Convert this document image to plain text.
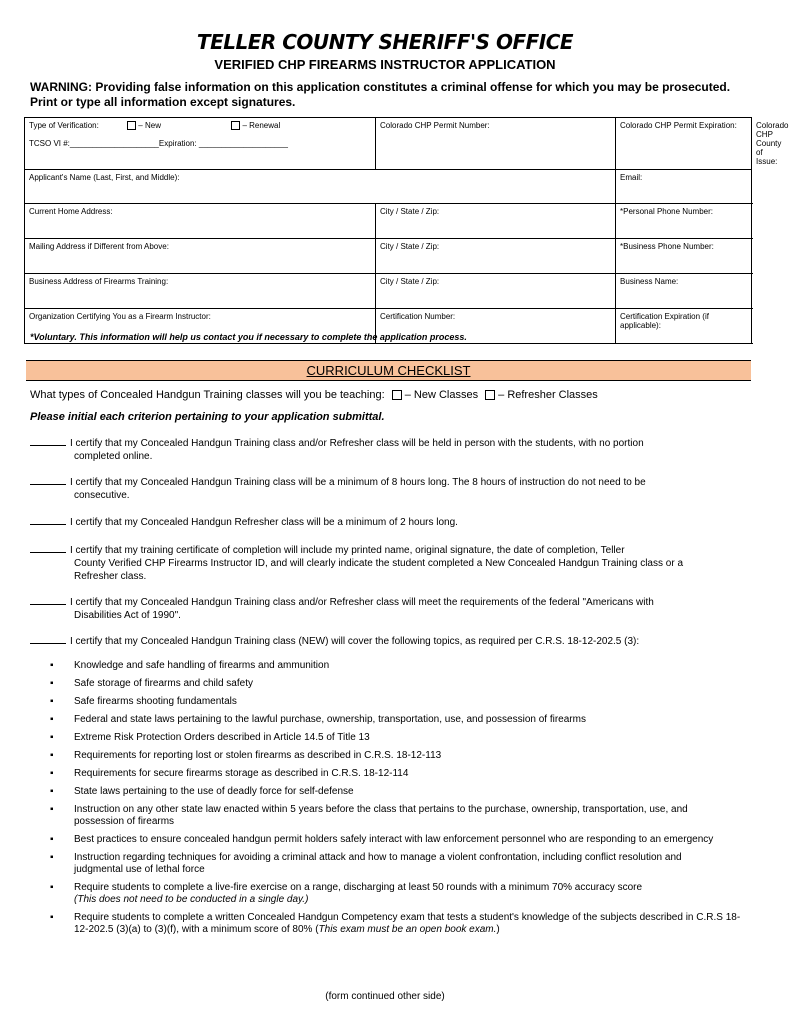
TELLER COUNTY SHERIFF'S OFFICE
VERIFIED CHP FIREARMS INSTRUCTOR APPLICATION
WARNING: Providing false information on this application constitutes a criminal offense for which you may be prosecuted. Print or type all information except signatures.
Type of Verification: – New – Renewal
TCSO VI #:____________________Expiration: ____________________	Colorado CHP Permit Number:	Colorado CHP Permit Expiration:	Colorado CHP County of Issue:
Applicant's Name (Last, First, and Middle):		Email:	
Current Home Address:	City / State / Zip:	*Personal Phone Number:	
Mailing Address if Different from Above:	City / State / Zip:	*Business Phone Number:	
Business Address of Firearms Training:	City / State / Zip:	Business Name:	
Organization Certifying You as a Firearm Instructor:	Certification Number:	Certification Expiration (if applicable):	
*Voluntary. This information will help us contact you if necessary to complete the application process.
CURRICULUM CHECKLIST
What types of Concealed Handgun Training classes will you be teaching: – New Classes – Refresher Classes
Please initial each criterion pertaining to your application submittal.
I certify that my Concealed Handgun Training class and/or Refresher class will be held in person with the students, with no portion
completed online.
I certify that my Concealed Handgun Training class will be a minimum of 8 hours long. The 8 hours of instruction do not need to be
consecutive.
I certify that my Concealed Handgun Refresher class will be a minimum of 2 hours long.
I certify that my training certificate of completion will include my printed name, original signature, the date of completion, Teller
County Verified CHP Firearms Instructor ID, and will clearly indicate the student completed a New Concealed Handgun Training class or a Refresher class.
I certify that my Concealed Handgun Training class and/or Refresher class will meet the requirements of the federal "Americans with
Disabilities Act of 1990".
I certify that my Concealed Handgun Training class (NEW) will cover the following topics, as required per C.R.S. 18-12-202.5 (3):
▪ Knowledge and safe handling of firearms and ammunition
▪ Safe storage of firearms and child safety
▪ Safe firearms shooting fundamentals
▪ Federal and state laws pertaining to the lawful purchase, ownership, transportation, use, and possession of firearms
▪ Extreme Risk Protection Orders described in Article 14.5 of Title 13
▪ Requirements for reporting lost or stolen firearms as described in C.R.S. 18-12-113
▪ Requirements for secure firearms storage as described in C.R.S. 18-12-114
▪ State laws pertaining to the use of deadly force for self-defense
▪ Instruction on any other state law enacted within 5 years before the class that pertains to the purchase, ownership, transportation, use, and possession of firearms
▪ Best practices to ensure concealed handgun permit holders safely interact with law enforcement personnel who are responding to an emergency
▪ Instruction regarding techniques for avoiding a criminal attack and how to manage a violent confrontation, including conflict resolution and judgmental use of lethal force
▪ Require students to complete a live-fire exercise on a range, discharging at least 50 rounds with a minimum 70% accuracy score
(This does not need to be conducted in a single day.)
▪ Require students to complete a written Concealed Handgun Competency exam that tests a student's knowledge of the subjects described in C.R.S 18-12-202.5 (3)(a) to (3)(f), with a minimum score of 80% (This exam must be an open book exam.)
(form continued other side)
